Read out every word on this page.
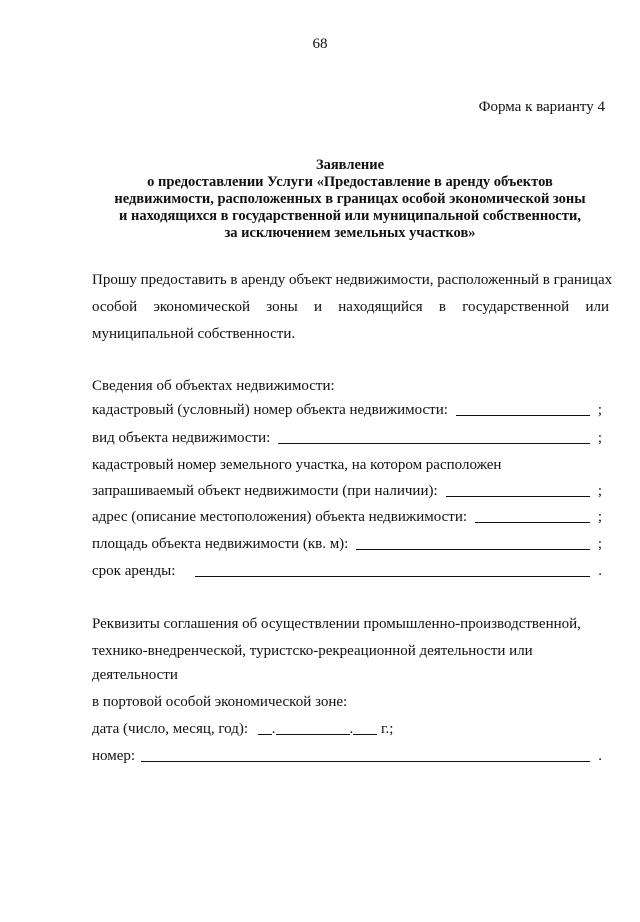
68
Форма к варианту 4
Заявление
о предоставлении Услуги «Предоставление в аренду объектов
недвижимости, расположенных в границах особой экономической зоны
и находящихся в государственной или муниципальной собственности,
за исключением земельных участков»
Прошу предоставить в аренду объект недвижимости, расположенный в границах
особой экономической зоны и находящийся в государственной или
муниципальной собственности.
Сведения об объектах недвижимости:
кадастровый (условный) номер объекта недвижимости:	;
вид объекта недвижимости:	;
кадастровый номер земельного участка, на котором расположен
запрашиваемый объект недвижимости (при наличии):	;
адрес (описание местоположения) объекта недвижимости:	;
площадь объекта недвижимости (кв. м):	;
срок аренды:	.
Реквизиты соглашения об осуществлении промышленно-производственной,
технико-внедренческой, туристско-рекреационной деятельности или
деятельности
в портовой особой экономической зоне:
дата (число, месяц, год): .	. г.;
номер:	.
